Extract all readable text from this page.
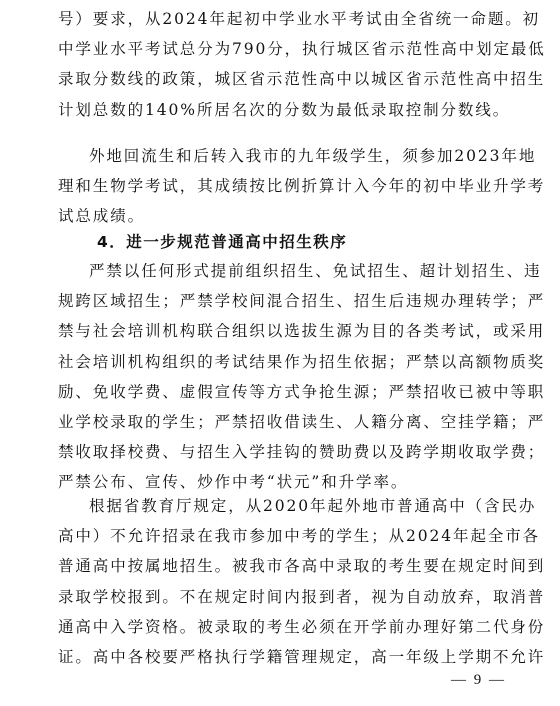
号）要求，从2024年起初中学业水平考试由全省统一命题。初
中学业水平考试总分为790分，执行城区省示范性高中划定最低
录取分数线的政策，城区省示范性高中以城区省示范性高中招生
计划总数的140%所居名次的分数为最低录取控制分数线。
外地回流生和后转入我市的九年级学生，须参加2023年地
理和生物学考试，其成绩按比例折算计入今年的初中毕业升学考
试总成绩。
4．进一步规范普通高中招生秩序
严禁以任何形式提前组织招生、免试招生、超计划招生、违
规跨区域招生；严禁学校间混合招生、招生后违规办理转学；严
禁与社会培训机构联合组织以选拔生源为目的各类考试，或采用
社会培训机构组织的考试结果作为招生依据；严禁以高额物质奖
励、免收学费、虚假宣传等方式争抢生源；严禁招收已被中等职
业学校录取的学生；严禁招收借读生、人籍分离、空挂学籍；严
禁收取择校费、与招生入学挂钩的赞助费以及跨学期收取学费；
严禁公布、宣传、炒作中考“状元”和升学率。
根据省教育厅规定，从2020年起外地市普通高中（含民办
高中）不允许招录在我市参加中考的学生；从2024年起全市各
普通高中按属地招生。被我市各高中录取的考生要在规定时间到
录取学校报到。不在规定时间内报到者，视为自动放弃，取消普
通高中入学资格。被录取的考生必须在开学前办理好第二代身份
证。高中各校要严格执行学籍管理规定，高一年级上学期不允许
— 9 —
